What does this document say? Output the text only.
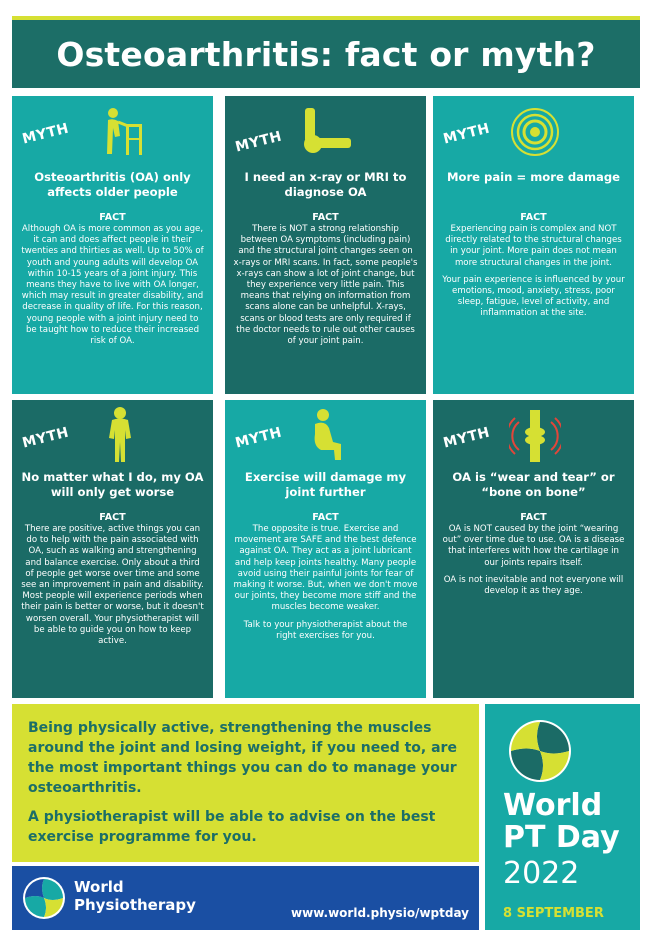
Osteoarthritis: fact or myth?
MYTH
Osteoarthritis (OA) only affects older people
FACT

Although OA is more common as you age, it can and does affect people in their twenties and thirties as well. Up to 50% of youth and young adults will develop OA within 10-15 years of a joint injury. This means they have to live with OA longer, which may result in greater disability, and decrease in quality of life. For this reason, young people with a joint injury need to be taught how to reduce their increased risk of OA.

MYTH
I need an x-ray or MRI to diagnose OA
FACT

There is NOT a strong relationship between OA symptoms (including pain) and the structural joint changes seen on x-rays or MRI scans. In fact, some people's x-rays can show a lot of joint change, but they experience very little pain. This means that relying on information from scans alone can be unhelpful. X-rays, scans or blood tests are only required if the doctor needs to rule out other causes of your joint pain.

MYTH
More pain = more damage
FACT

Experiencing pain is complex and NOT directly related to the structural changes in your joint. More pain does not mean more structural changes in the joint.

Your pain experience is influenced by your emotions, mood, anxiety, stress, poor sleep, fatigue, level of activity, and inflammation at the site.

MYTH
No matter what I do, my OA will only get worse
FACT

There are positive, active things you can do to help with the pain associated with OA, such as walking and strengthening and balance exercise. Only about a third of people get worse over time and some see an improvement in pain and disability. Most people will experience periods when their pain is better or worse, but it doesn't worsen overall. Your physiotherapist will be able to guide you on how to keep active.

MYTH
Exercise will damage my joint further
FACT

The opposite is true. Exercise and movement are SAFE and the best defence against OA. They act as a joint lubricant and help keep joints healthy. Many people avoid using their painful joints for fear of making it worse. But, when we don't move our joints, they become more stiff and the muscles become weaker.

Talk to your physiotherapist about the right exercises for you.

MYTH
OA is “wear and tear” or “bone on bone”
FACT

OA is NOT caused by the joint “wearing out” over time due to use. OA is a disease that interferes with how the cartilage in our joints repairs itself.

OA is not inevitable and not everyone will develop it as they age.

Being physically active, strengthening the muscles around the joint and losing weight, if you need to, are the most important things you can do to manage your osteoarthritis.

A physiotherapist will be able to advise on the best exercise programme for you.

World
Physiotherapy	www.world.physio/wptday
World
PT Day
2022
8 SEPTEMBER
